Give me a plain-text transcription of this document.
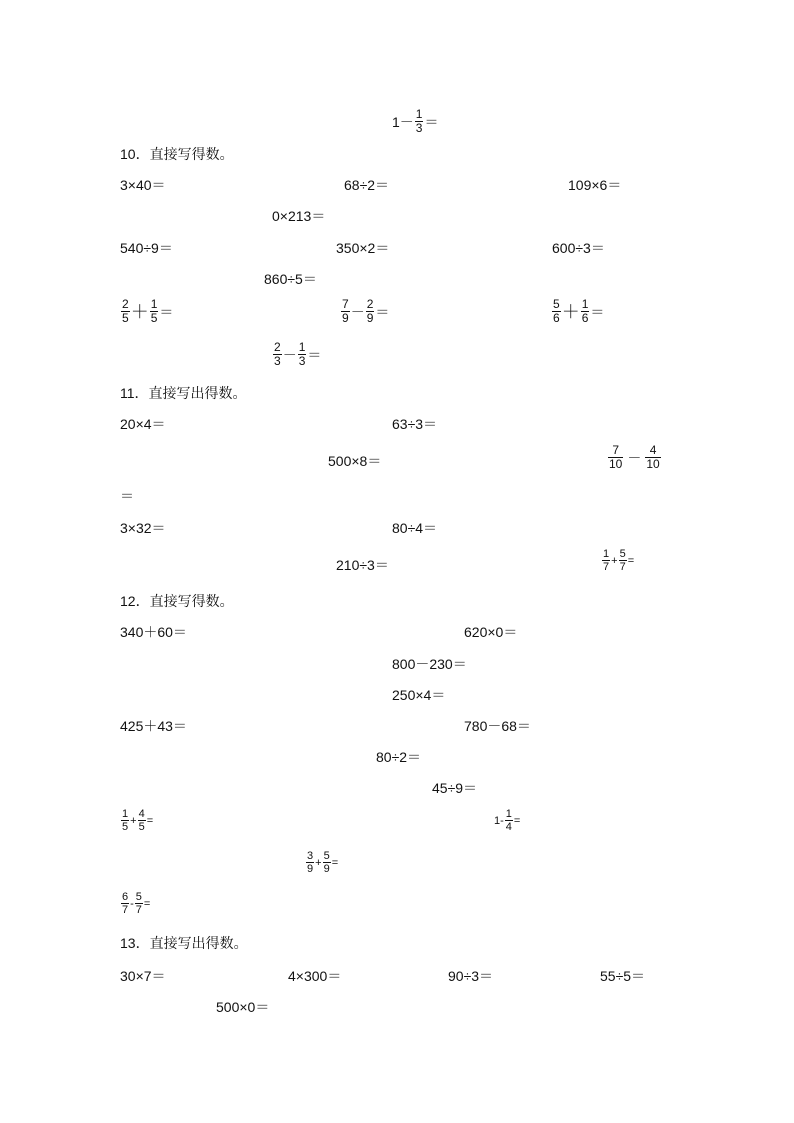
$1- \frac{1}{3}$ ＝
10．直接写得数。
3×40＝	68÷2＝	109×6＝
0×213＝
540÷9＝	350×2＝	600÷3＝
860÷5＝
$\frac{2}{5} + \frac{1}{5}$ ＝	$\frac{7}{9} - \frac{2}{9}$ ＝	$\frac{5}{6} + \frac{1}{6}$ ＝
$\frac{2}{3} - \frac{1}{3}$ ＝
11．直接写出得数。
20×4＝	63÷3＝
500×8＝	$\frac{7}{10} - \frac{4}{10}$
＝
3×32＝	80÷4＝
210÷3＝	$\frac{1}{7} + \frac{5}{7}$ =
12．直接写得数。
340＋60＝	620×0＝
800－230＝
250×4＝
425＋43＝	780－68＝
80÷2＝
45÷9＝
$\frac{1}{5} + \frac{4}{5}$ =	$1- \frac{1}{4}$ =
$\frac{3}{9} + \frac{5}{9}$ =
$\frac{6}{7} - \frac{5}{7}$ =
13．直接写出得数。
30×7＝	4×300＝	90÷3＝	55÷5＝
500×0＝
